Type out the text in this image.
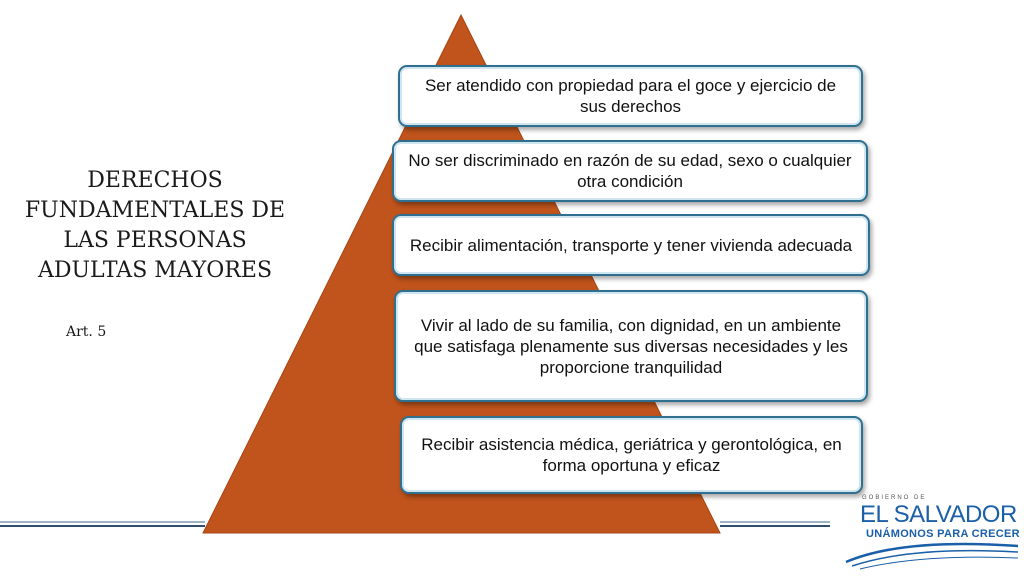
DERECHOS FUNDAMENTALES DE LAS PERSONAS ADULTAS MAYORES
Art. 5
Ser atendido con propiedad para el goce y ejercicio de sus derechos
No ser discriminado en razón de su edad, sexo o cualquier otra condición
Recibir alimentación, transporte y tener vivienda adecuada
Vivir al lado de su familia, con dignidad, en un ambiente que satisfaga plenamente sus diversas necesidades y les proporcione tranquilidad
Recibir asistencia médica, geriátrica y gerontológica, en forma oportuna y eficaz
GOBIERNO DE
EL SALVADOR
UNÁMONOS PARA CRECER
